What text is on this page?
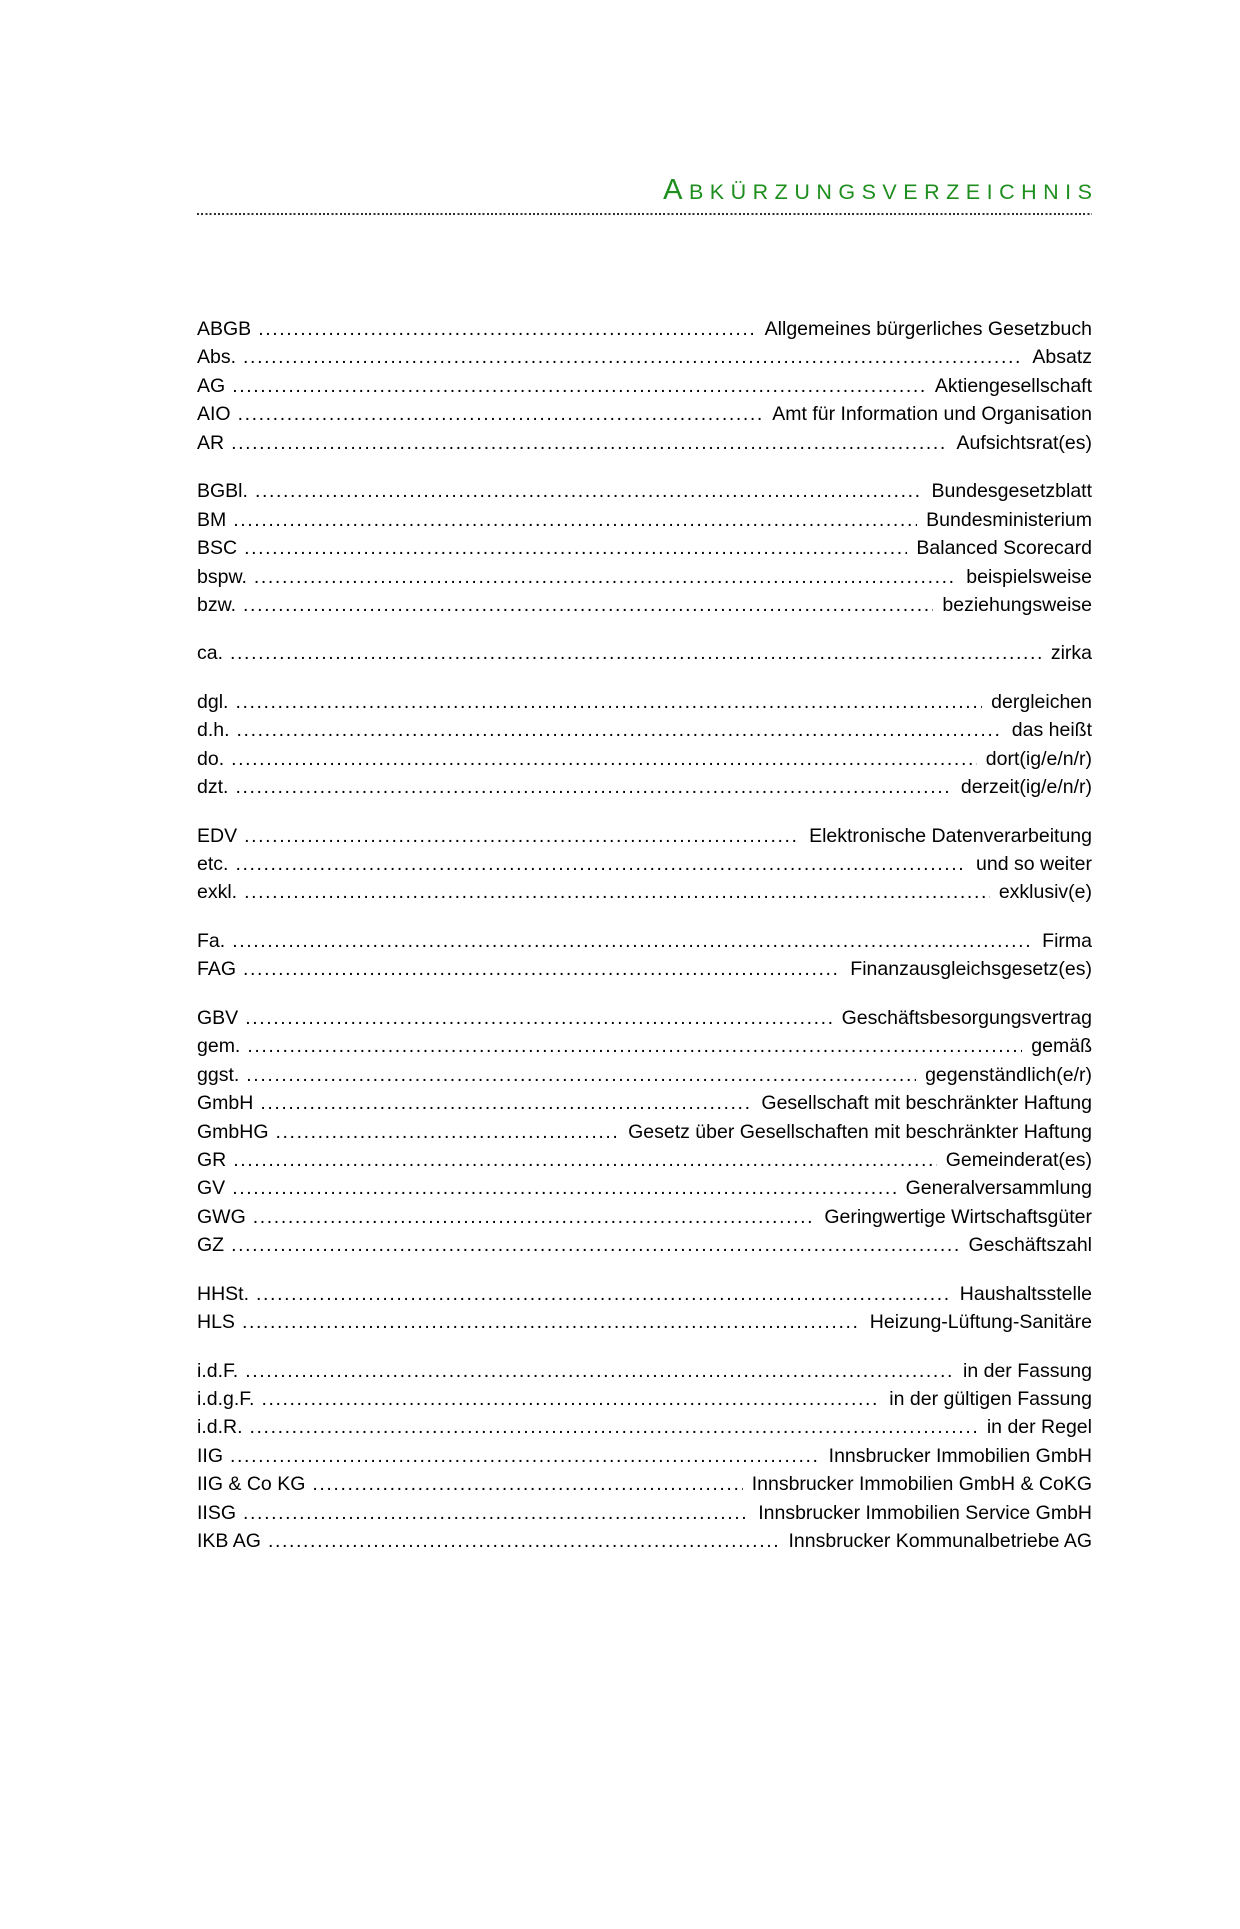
ABKÜRZUNGSVERZEICHNIS
ABGB .....	Allgemeines bürgerliches Gesetzbuch
Abs. .....	Absatz
AG .....	Aktiengesellschaft
AIO .....	Amt für Information und Organisation
AR .....	Aufsichtsrat(es)
BGBl. .....	Bundesgesetzblatt
BM .....	Bundesministerium
BSC .....	Balanced Scorecard
bspw. .....	beispielsweise
bzw. .....	beziehungsweise
ca. .....	zirka
dgl. .....	dergleichen
d.h. .....	das heißt
do. .....	dort(ig/e/n/r)
dzt. .....	derzeit(ig/e/n/r)
EDV .....	Elektronische Datenverarbeitung
etc. .....	und so weiter
exkl. .....	exklusiv(e)
Fa. .....	Firma
FAG .....	Finanzausgleichsgesetz(es)
GBV .....	Geschäftsbesorgungsvertrag
gem. .....	gemäß
ggst. .....	gegenständlich(e/r)
GmbH .....	Gesellschaft mit beschränkter Haftung
GmbHG .....	Gesetz über Gesellschaften mit beschränkter Haftung
GR .....	Gemeinderat(es)
GV .....	Generalversammlung
GWG .....	Geringwertige Wirtschaftsgüter
GZ .....	Geschäftszahl
HHSt. .....	Haushaltsstelle
HLS .....	Heizung-Lüftung-Sanitäre
i.d.F. .....	in der Fassung
i.d.g.F. .....	in der gültigen Fassung
i.d.R. .....	in der Regel
IIG .....	Innsbrucker Immobilien GmbH
IIG & Co KG .....	Innsbrucker Immobilien GmbH & CoKG
IISG .....	Innsbrucker Immobilien Service GmbH
IKB AG .....	Innsbrucker Kommunalbetriebe AG
